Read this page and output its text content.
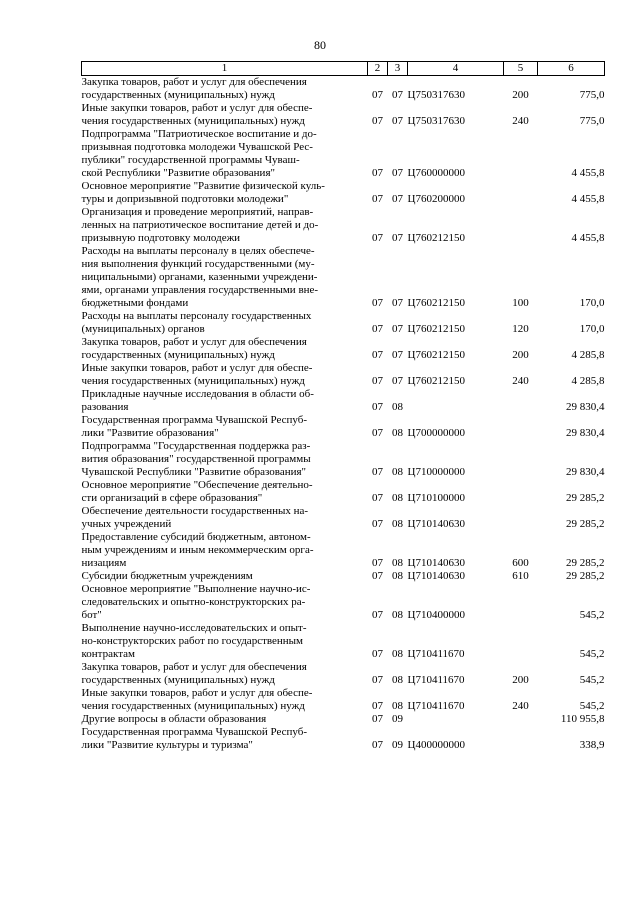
80
1	2	3	4	5	6

Закупка товаров, работ и услуг для обеспечения
государственных (муниципальных) нужд	07	07	Ц750317630	200	775,0

Иные закупки товаров, работ и услуг для обеспе-
чения государственных (муниципальных) нужд	07	07	Ц750317630	240	775,0

Подпрограмма "Патриотическое воспитание и до-
призывная подготовка молодежи Чувашской Рес-
публики" государственной программы Чуваш-
ской Республики "Развитие образования"	07	07	Ц760000000		4 455,8

Основное мероприятие "Развитие физической куль-
туры и допризывной подготовки молодежи"	07	07	Ц760200000		4 455,8

Организация и проведение мероприятий, направ-
ленных на патриотическое воспитание детей и до-
призывную подготовку молодежи	07	07	Ц760212150		4 455,8

Расходы на выплаты персоналу в целях обеспече-
ния выполнения функций государственными (му-
ниципальными) органами, казенными учреждени-
ями, органами управления государственными вне-
бюджетными фондами	07	07	Ц760212150	100	170,0

Расходы на выплаты персоналу государственных
(муниципальных) органов	07	07	Ц760212150	120	170,0

Закупка товаров, работ и услуг для обеспечения
государственных (муниципальных) нужд	07	07	Ц760212150	200	4 285,8

Иные закупки товаров, работ и услуг для обеспе-
чения государственных (муниципальных) нужд	07	07	Ц760212150	240	4 285,8

Прикладные научные исследования в области об-
разования	07	08			29 830,4

Государственная программа Чувашской Респуб-
лики "Развитие образования"	07	08	Ц700000000		29 830,4

Подпрограмма "Государственная поддержка раз-
вития образования" государственной программы
Чувашской Республики "Развитие образования"	07	08	Ц710000000		29 830,4

Основное мероприятие "Обеспечение деятельно-
сти организаций в сфере образования"	07	08	Ц710100000		29 285,2

Обеспечение деятельности государственных на-
учных учреждений	07	08	Ц710140630		29 285,2

Предоставление субсидий бюджетным, автоном-
ным учреждениям и иным некоммерческим орга-
низациям	07	08	Ц710140630	600	29 285,2

Субсидии бюджетным учреждениям	07	08	Ц710140630	610	29 285,2

Основное мероприятие "Выполнение научно-ис-
следовательских и опытно-конструкторских ра-
бот"	07	08	Ц710400000		545,2

Выполнение научно-исследовательских и опыт-
но-конструкторских работ по государственным
контрактам	07	08	Ц710411670		545,2

Закупка товаров, работ и услуг для обеспечения
государственных (муниципальных) нужд	07	08	Ц710411670	200	545,2

Иные закупки товаров, работ и услуг для обеспе-
чения государственных (муниципальных) нужд	07	08	Ц710411670	240	545,2

Другие вопросы в области образования	07	09			110 955,8

Государственная программа Чувашской Респуб-
лики "Развитие культуры и туризма"	07	09	Ц400000000		338,9
